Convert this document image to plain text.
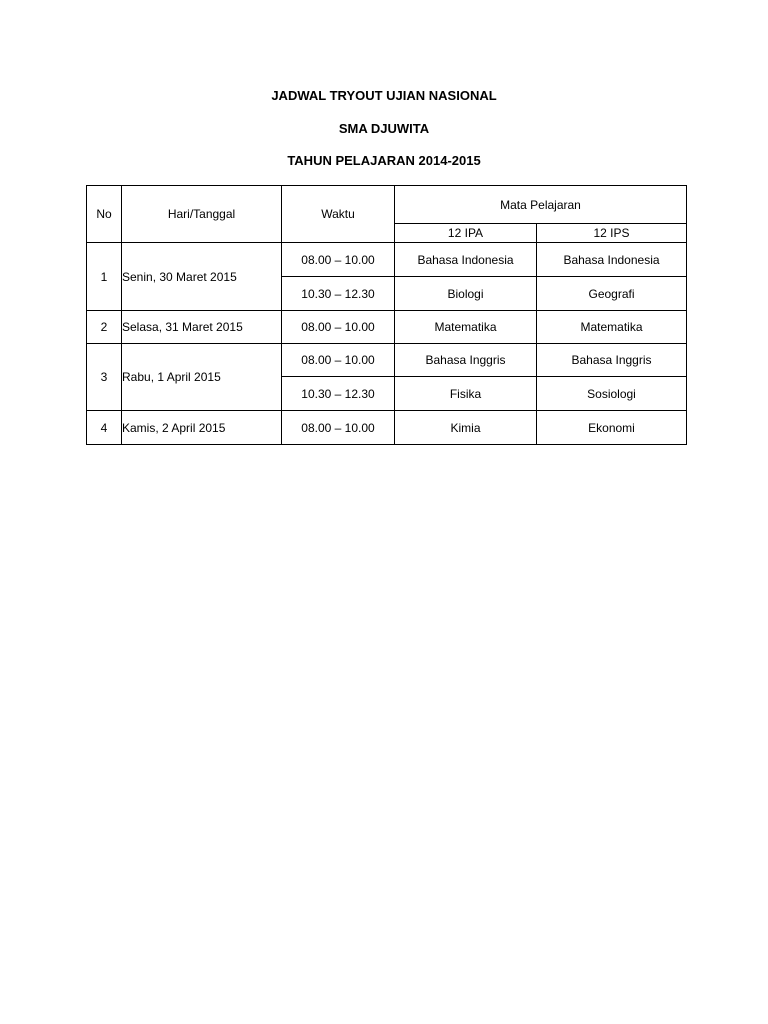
JADWAL TRYOUT UJIAN NASIONAL
SMA DJUWITA
TAHUN PELAJARAN 2014-2015
No	Hari/Tanggal	Waktu	Mata Pelajaran	
			12 IPA	12 IPS
1	Senin, 30 Maret 2015	08.00 – 10.00	Bahasa Indonesia	Bahasa Indonesia
		10.30 – 12.30	Biologi	Geografi
2	Selasa, 31 Maret 2015	08.00 – 10.00	Matematika	Matematika
3	Rabu, 1 April 2015	08.00 – 10.00	Bahasa Inggris	Bahasa Inggris
		10.30 – 12.30	Fisika	Sosiologi
4	Kamis, 2 April 2015	08.00 – 10.00	Kimia	Ekonomi
